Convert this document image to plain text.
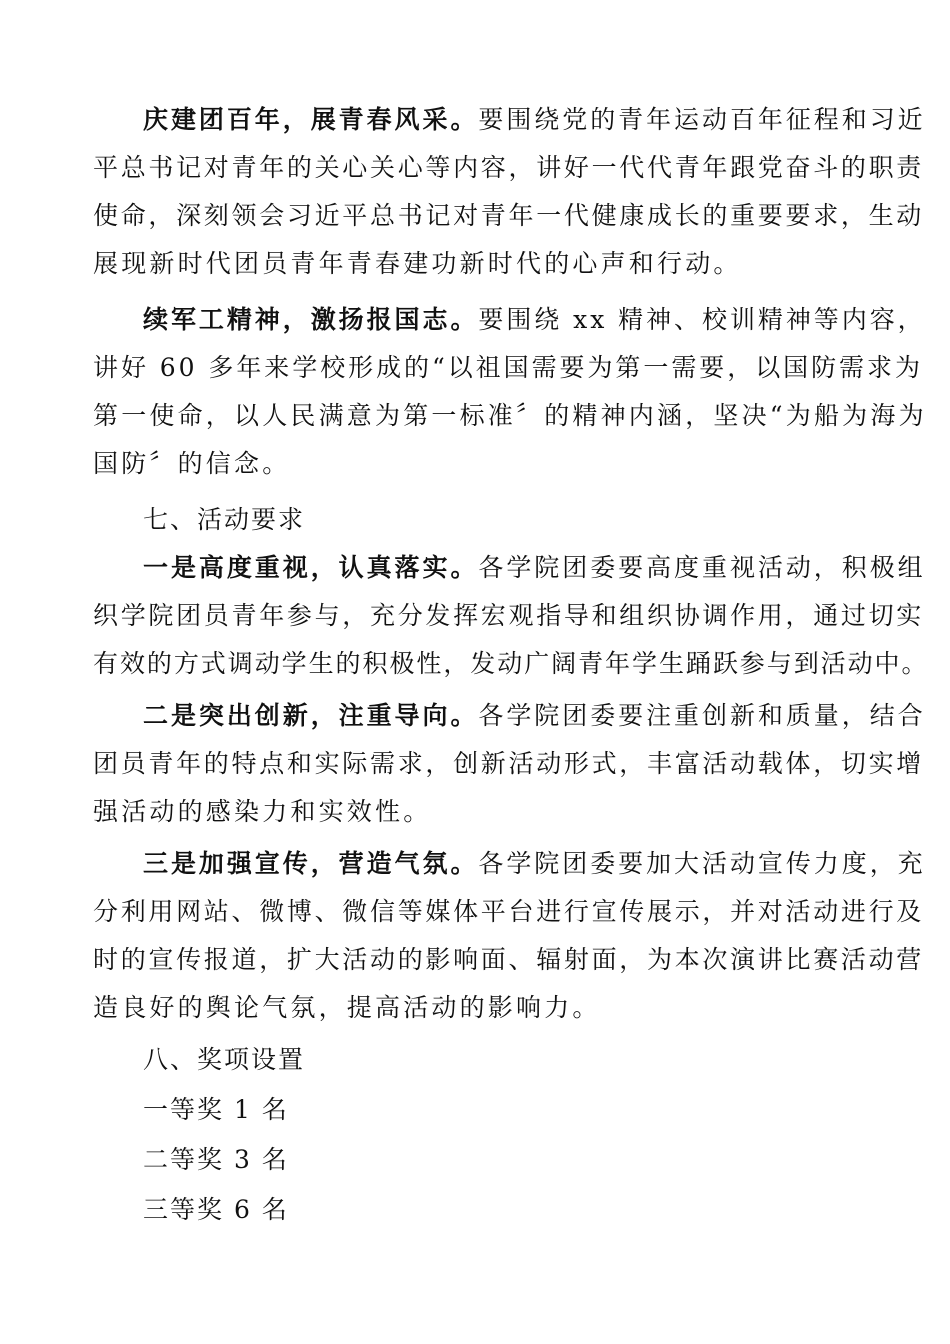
庆建团百年，展青春风采。要围绕党的青年运动百年征程和习近
平总书记对青年的关心关心等内容，讲好一代代青年跟党奋斗的职责
使命，深刻领会习近平总书记对青年一代健康成长的重要要求，生动
展现新时代团员青年青春建功新时代的心声和行动。
续军工精神，激扬报国志。要围绕 xx 精神、校训精神等内容，
讲好 60 多年来学校形成的“以祖国需要为第一需要，以国防需求为
第一使命，以人民满意为第一标准〞的精神内涵，坚决“为船为海为
国防〞的信念。
七、活动要求
一是高度重视，认真落实。各学院团委要高度重视活动，积极组
织学院团员青年参与，充分发挥宏观指导和组织协调作用，通过切实
有效的方式调动学生的积极性，发动广阔青年学生踊跃参与到活动中。
二是突出创新，注重导向。各学院团委要注重创新和质量，结合
团员青年的特点和实际需求，创新活动形式，丰富活动载体，切实增
强活动的感染力和实效性。
三是加强宣传，营造气氛。各学院团委要加大活动宣传力度，充
分利用网站、微博、微信等媒体平台进行宣传展示，并对活动进行及
时的宣传报道，扩大活动的影响面、辐射面，为本次演讲比赛活动营
造良好的舆论气氛，提高活动的影响力。
八、奖项设置
一等奖 1 名
二等奖 3 名
三等奖 6 名
